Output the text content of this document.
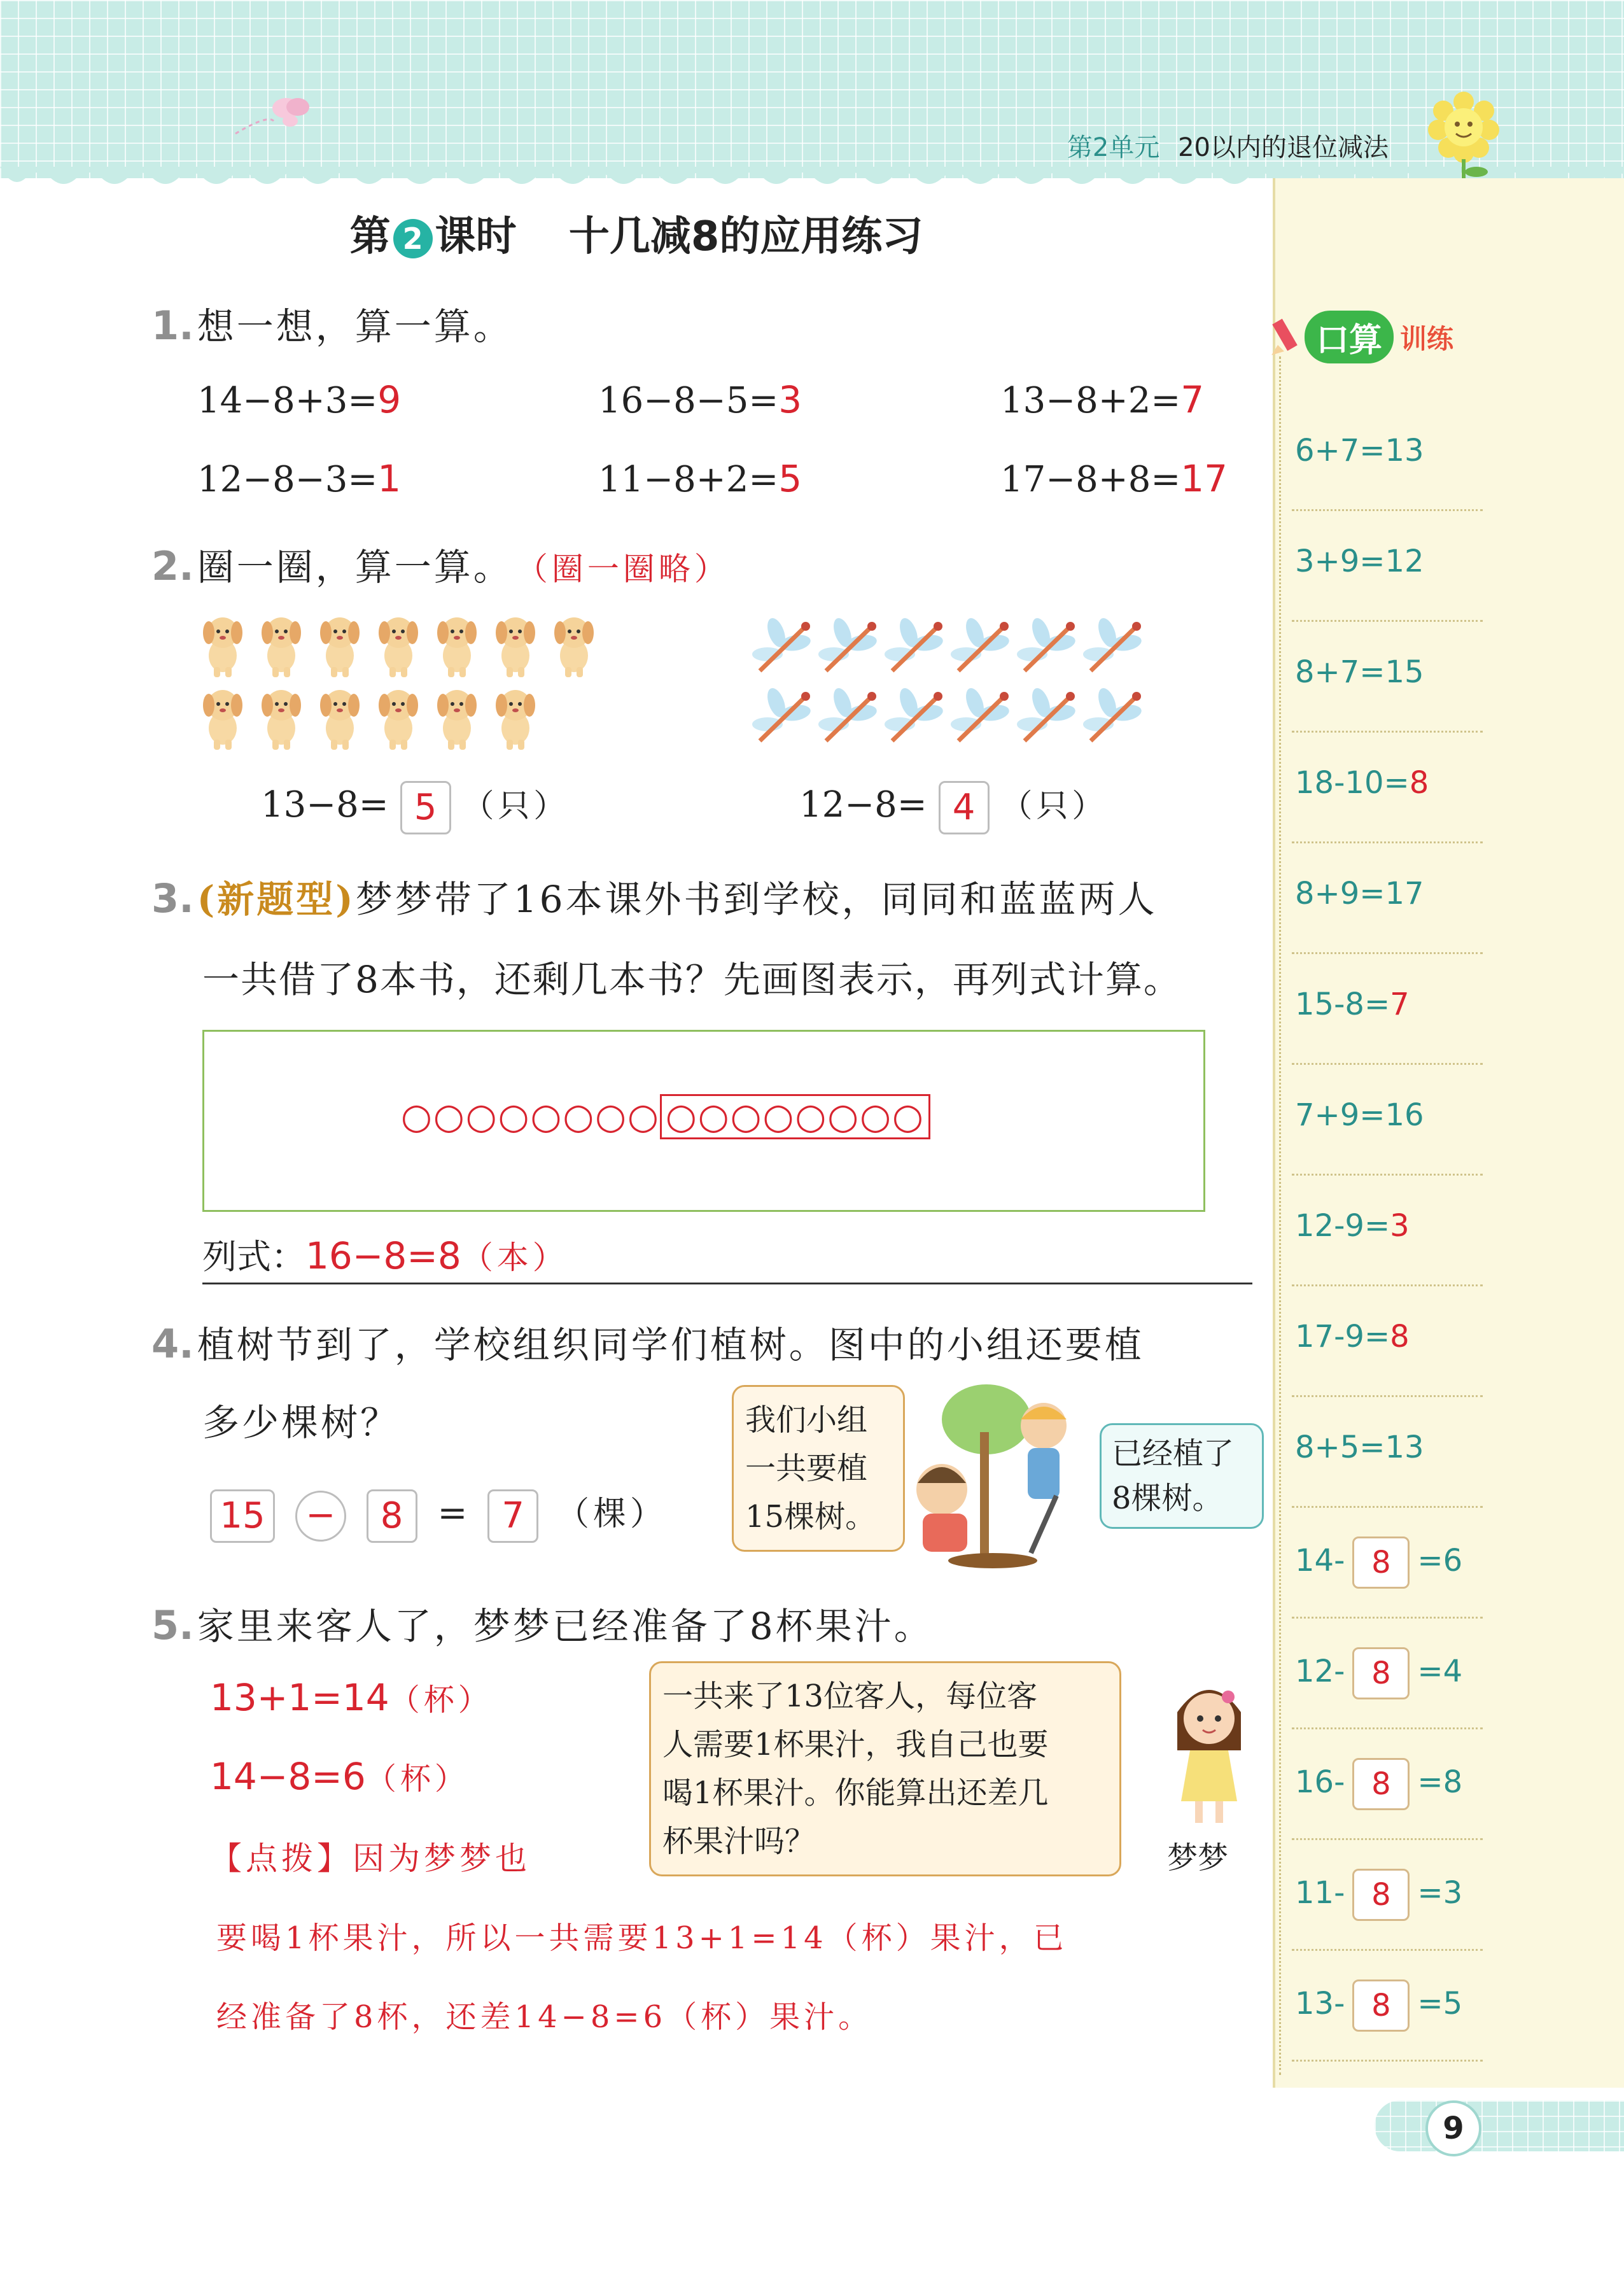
第2单元 20以内的退位减法
口算 训练
第 2 课时 十几减8的应用练习
1. 想一想，算一算。
14−8+3=9	16−8−5=3	13−8+2=7
12−8−3=1	11−8+2=5	17−8+8=17
2. 圈一圈，算一算。 （圈一圈略）
13−8= 5 （只）	12−8= 4 （只）
3. (新题型)梦梦带了16本课外书到学校，同同和蓝蓝两人
一共借了8本书，还剩几本书？先画图表示，再列式计算。
○○○○○○○○ ○○○○○○○○
列式：16−8=8（本）
4. 植树节到了，学校组织同学们植树。图中的小组还要植
多少棵树？
15 − 8 = 7 （棵）
我们小组
一共要植
15棵树。
已经植了
8棵树。
5. 家里来客人了，梦梦已经准备了8杯果汁。
13+1=14（杯）
14−8=6（杯）
【点拨】因为梦梦也
要喝1杯果汁，所以一共需要13+1=14（杯）果汁，已
经准备了8杯，还差14−8=6（杯）果汁。
一共来了13位客人，每位客
人需要1杯果汁，我自己也要
喝1杯果汁。你能算出还差几
杯果汁吗？	梦梦
9
6+7=13
3+9=12
8+7=15
18-10=8
8+9=17
15-8=7
7+9=16
12-9=3
17-9=8
8+5=13
14- 8 =6
12- 8 =4
16- 8 =8
11- 8 =3
13- 8 =5
